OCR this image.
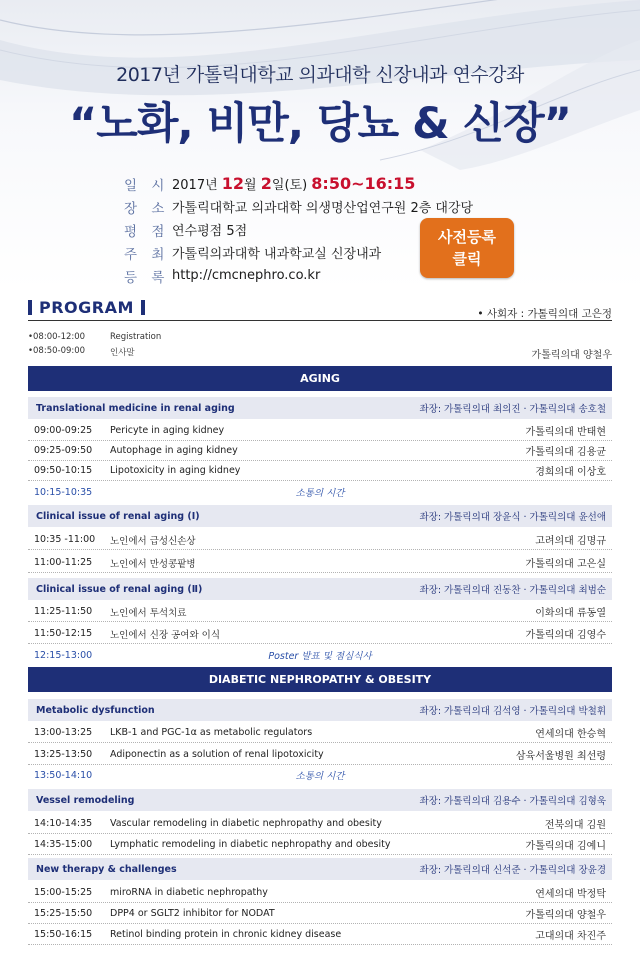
2017년 가톨릭대학교 의과대학 신장내과 연수강좌
“노화, 비만, 당뇨 & 신장”
일 시 2017년 12월 2일(토) 8:50~16:15
장 소 가톨릭대학교 의과대학 의생명산업연구원 2층 대강당
평 점 연수평점 5점
주 최 가톨릭의과대학 내과학교실 신장내과
등 록 http://cmcnephro.co.kr
사전등록
클릭
PROGRAM	• 사회자 : 가톨릭의대 고은정
•08:00-12:00	Registration
•08:50-09:00	인사말	가톨릭의대 양철우
AGING
Translational medicine in renal aging	좌장: 가톨릭의대 최의진 · 가톨릭의대 송호철
09:00-09:25	Pericyte in aging kidney	가톨릭의대 반태현
09:25-09:50	Autophage in aging kidney	가톨릭의대 김용균
09:50-10:15	Lipotoxicity in aging kidney	경희의대 이상호
10:15-10:35	소통의 시간
Clinical issue of renal aging (Ⅰ)	좌장: 가톨릭의대 장윤식 · 가톨릭의대 윤선애
10:35 -11:00	노인에서 급성신손상	고려의대 김명규
11:00-11:25	노인에서 만성콩팥병	가톨릭의대 고은실
Clinical issue of renal aging (Ⅱ)	좌장: 가톨릭의대 진동찬 · 가톨릭의대 최범순
11:25-11:50	노인에서 투석치료	이화의대 류동열
11:50-12:15	노인에서 신장 공여와 이식	가톨릭의대 김영수
12:15-13:00	Poster 발표 및 점심식사
DIABETIC NEPHROPATHY & OBESITY
Metabolic dysfunction	좌장: 가톨릭의대 김석영 · 가톨릭의대 박철휘
13:00-13:25	LKB-1 and PGC-1α as metabolic regulators	연세의대 한승혁
13:25-13:50	Adiponectin as a solution of renal lipotoxicity	삼육서울병원 최선령
13:50-14:10	소통의 시간
Vessel remodeling	좌장: 가톨릭의대 김용수 · 가톨릭의대 김형욱
14:10-14:35	Vascular remodeling in diabetic nephropathy and obesity	전북의대 김원
14:35-15:00	Lymphatic remodeling in diabetic nephropathy and obesity	가톨릭의대 김예니
New therapy & challenges	좌장: 가톨릭의대 신석준 · 가톨릭의대 장윤경
15:00-15:25	miroRNA in diabetic nephropathy	연세의대 박정탁
15:25-15:50	DPP4 or SGLT2 inhibitor for NODAT	가톨릭의대 양철우
15:50-16:15	Retinol binding protein in chronic kidney disease	고대의대 차진주
